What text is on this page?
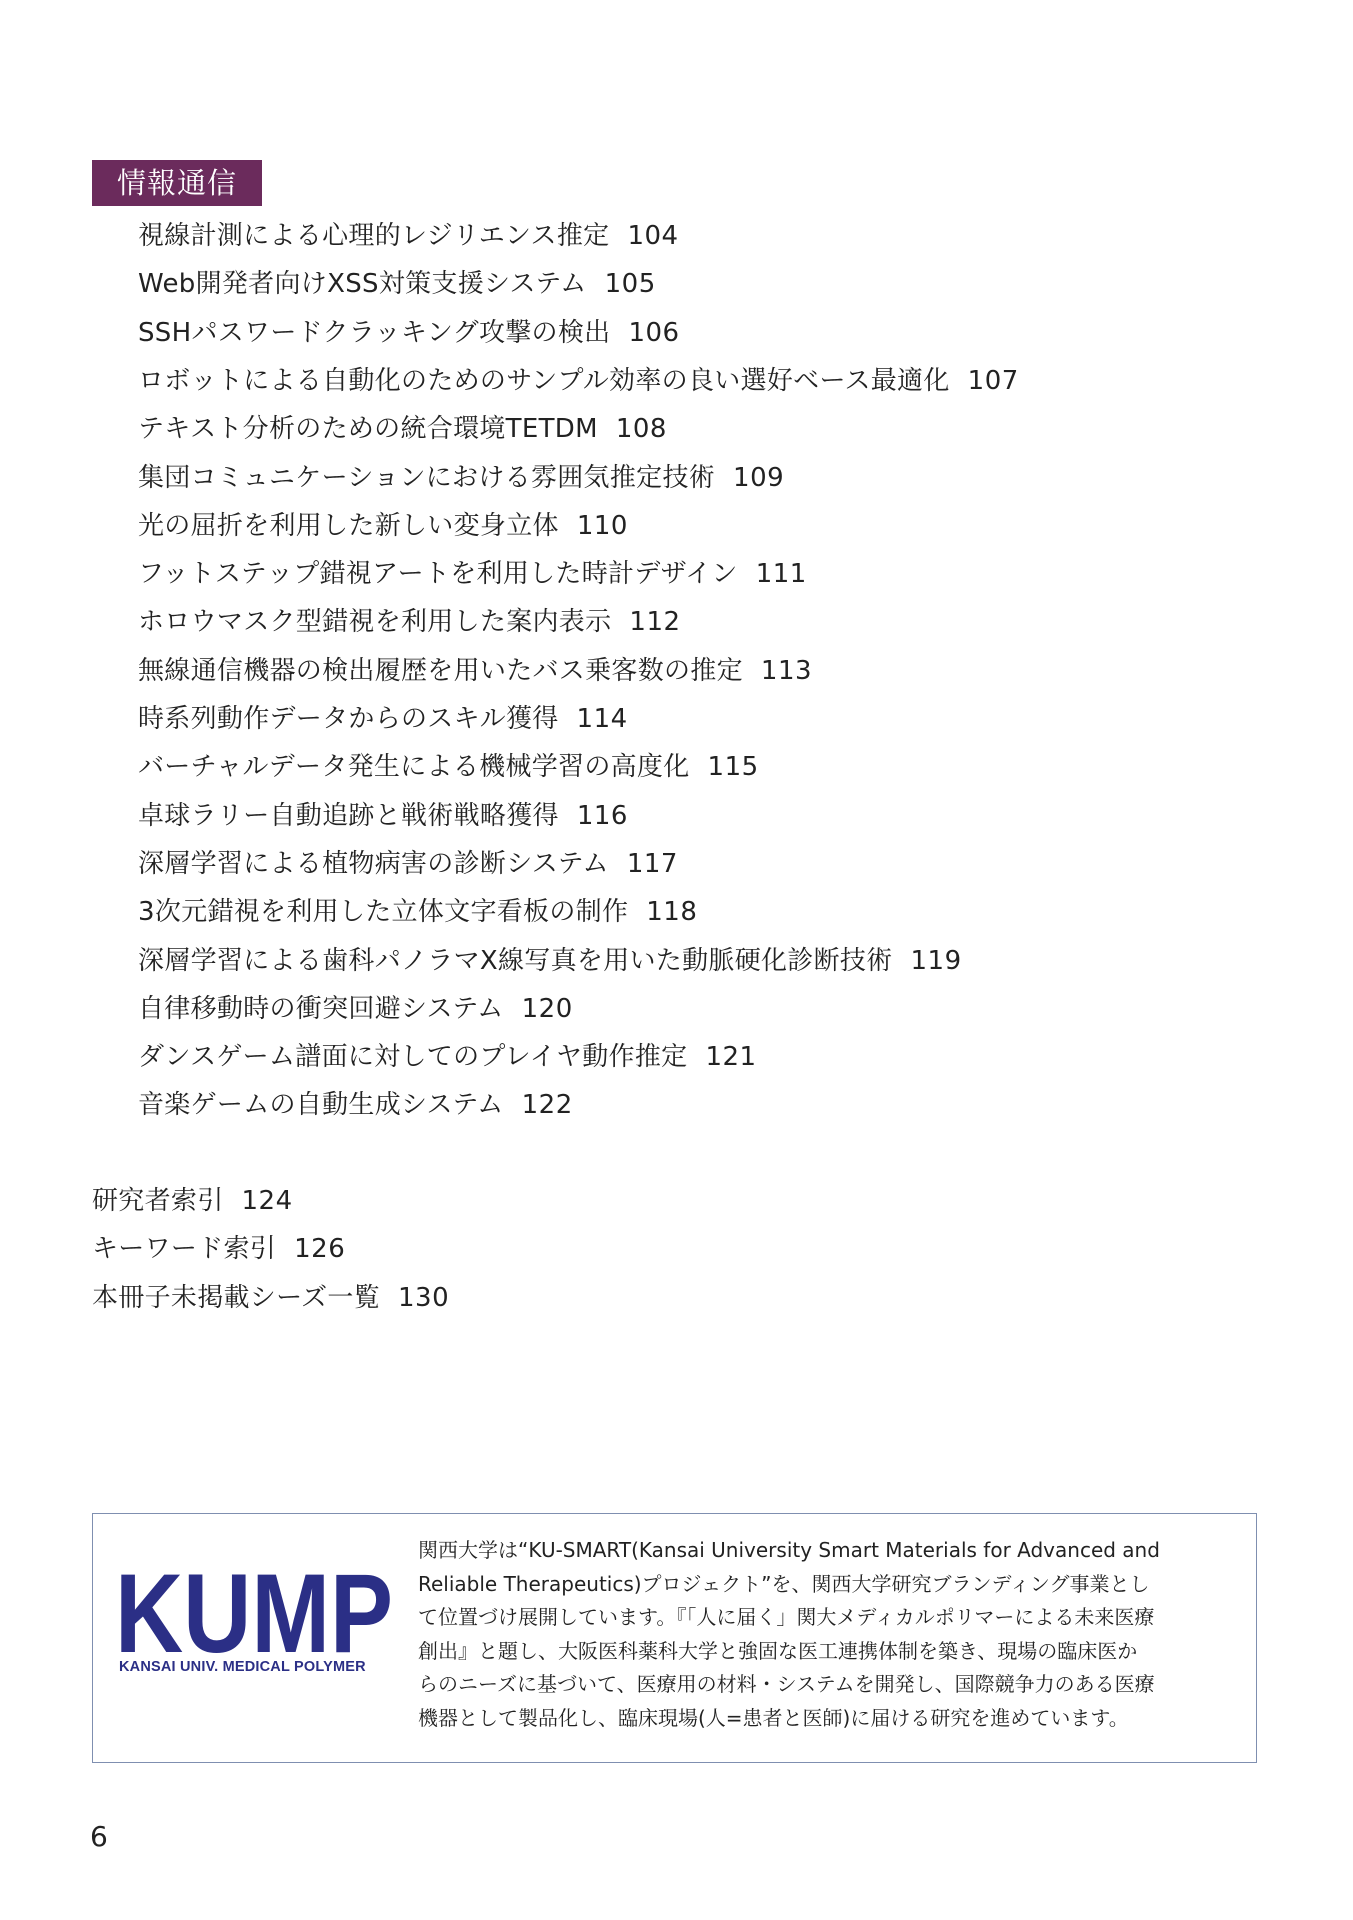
情報通信
視線計測による心理的レジリエンス推定 104
Web開発者向けXSS対策支援システム 105
SSHパスワードクラッキング攻撃の検出 106
ロボットによる自動化のためのサンプル効率の良い選好ベース最適化 107
テキスト分析のための統合環境TETDM 108
集団コミュニケーションにおける雰囲気推定技術 109
光の屈折を利用した新しい変身立体 110
フットステップ錯視アートを利用した時計デザイン 111
ホロウマスク型錯視を利用した案内表示 112
無線通信機器の検出履歴を用いたバス乗客数の推定 113
時系列動作データからのスキル獲得 114
バーチャルデータ発生による機械学習の高度化 115
卓球ラリー自動追跡と戦術戦略獲得 116
深層学習による植物病害の診断システム 117
3次元錯視を利用した立体文字看板の制作 118
深層学習による歯科パノラマX線写真を用いた動脈硬化診断技術 119
自律移動時の衝突回避システム 120
ダンスゲーム譜面に対してのプレイヤ動作推定 121
音楽ゲームの自動生成システム 122
研究者索引 124
キーワード索引 126
本冊子未掲載シーズ一覧 130
KUMP
KANSAI UNIV. MEDICAL POLYMER
関西大学は“KU-SMART(Kansai University Smart Materials for Advanced and
Reliable Therapeutics)プロジェクト”を、関西大学研究ブランディング事業とし
て位置づけ展開しています。『「人に届く」関大メディカルポリマーによる未来医療
創出』と題し、大阪医科薬科大学と強固な医工連携体制を築き、現場の臨床医か
らのニーズに基づいて、医療用の材料・システムを開発し、国際競争力のある医療
機器として製品化し、臨床現場(人=患者と医師)に届ける研究を進めています。
6
